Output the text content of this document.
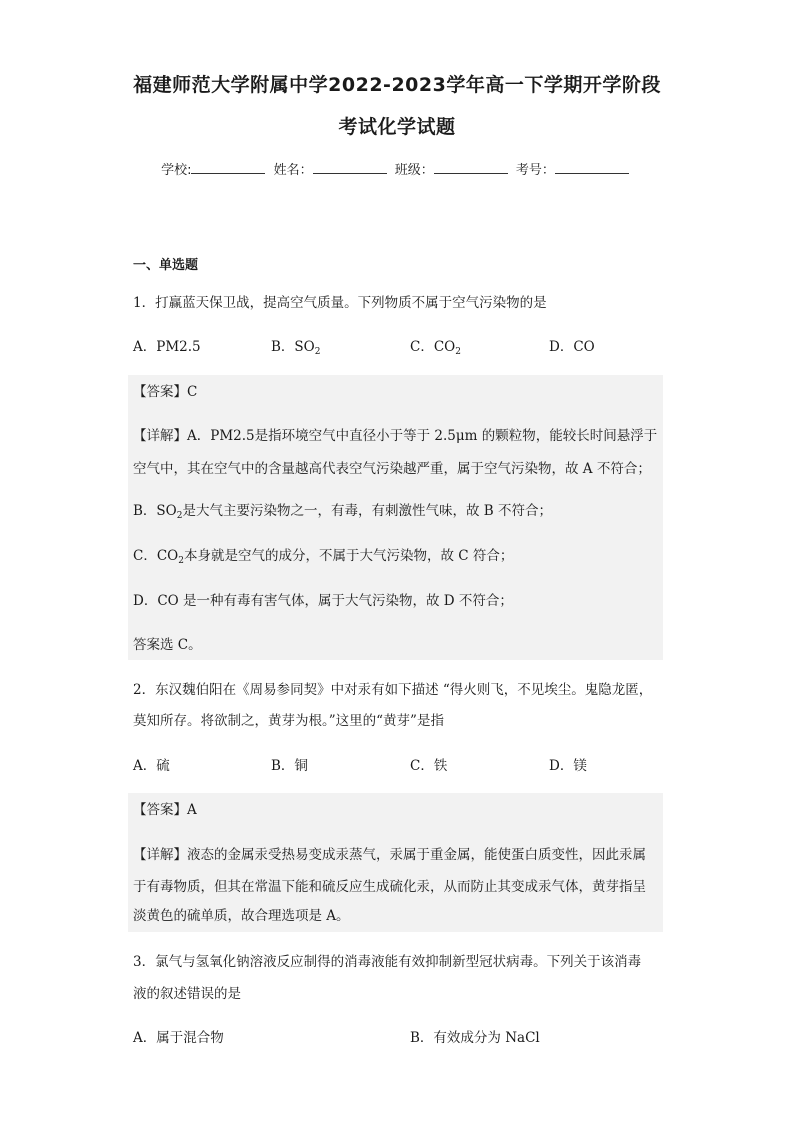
福建师范大学附属中学2022-2023学年高一下学期开学阶段
考试化学试题
学校:	姓名：	班级：	考号：
一、单选题
1．打赢蓝天保卫战，提高空气质量。下列物质不属于空气污染物的是
A．PM2.5	B．$SO_2$	C．$CO_2$	D．CO
【答案】C
【详解】A．PM2.5是指环境空气中直径小于等于 2.5μm 的颗粒物，能较长时间悬浮于
空气中，其在空气中的含量越高代表空气污染越严重，属于空气污染物，故 A 不符合；
B．$SO_2$是大气主要污染物之一，有毒，有刺激性气味，故 B 不符合；
C．$CO_2$本身就是空气的成分，不属于大气污染物，故 C 符合；
D．CO 是一种有毒有害气体，属于大气污染物，故 D 不符合；
答案选 C。
2．东汉魏伯阳在《周易参同契》中对汞有如下描述 “得火则飞，不见埃尘。鬼隐龙匿，
莫知所存。将欲制之，黄芽为根。”这里的“黄芽”是指
A．硫	B．铜	C．铁	D．镁
【答案】A
【详解】液态的金属汞受热易变成汞蒸气，汞属于重金属，能使蛋白质变性，因此汞属
于有毒物质，但其在常温下能和硫反应生成硫化汞，从而防止其变成汞气体，黄芽指呈
淡黄色的硫单质，故合理选项是 A。
3．氯气与氢氧化钠溶液反应制得的消毒液能有效抑制新型冠状病毒。下列关于该消毒
液的叙述错误的是
A．属于混合物	B．有效成分为 NaCl
